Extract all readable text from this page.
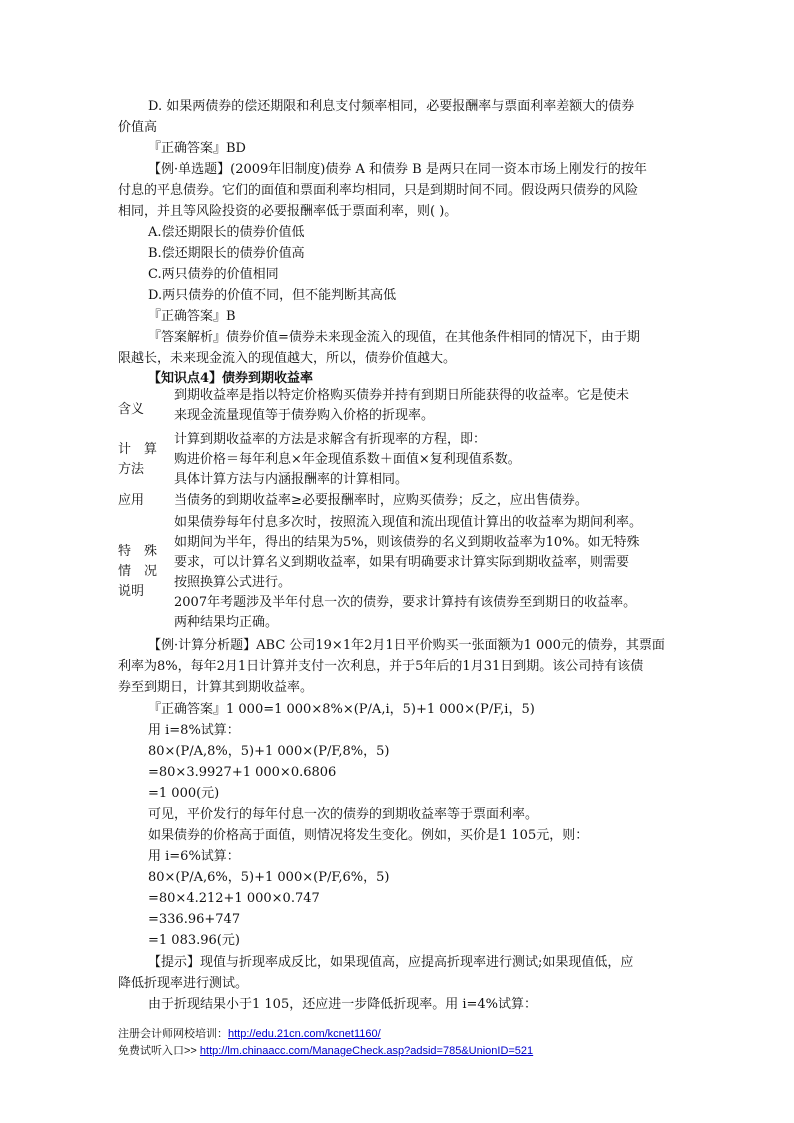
D. 如果两债券的偿还期限和利息支付频率相同，必要报酬率与票面利率差额大的债券
价值高
『正确答案』BD
【例·单选题】(2009年旧制度)债券 A 和债券 B 是两只在同一资本市场上刚发行的按年
付息的平息债券。它们的面值和票面利率均相同，只是到期时间不同。假设两只债券的风险
相同，并且等风险投资的必要报酬率低于票面利率，则( )。
A.偿还期限长的债券价值低
B.偿还期限长的债券价值高
C.两只债券的价值相同
D.两只债券的价值不同，但不能判断其高低
『正确答案』B
『答案解析』债券价值=债券未来现金流入的现值，在其他条件相同的情况下，由于期
限越长，未来现金流入的现值越大，所以，债券价值越大。
【知识点4】债券到期收益率
含义
到期收益率是指以特定价格购买债券并持有到期日所能获得的收益率。它是使未
来现金流量现值等于债券购入价格的折现率。
计　算
方法
计算到期收益率的方法是求解含有折现率的方程，即：
购进价格＝每年利息×年金现值系数＋面值×复利现值系数。
具体计算方法与内涵报酬率的计算相同。
应用	当债务的到期收益率≥必要报酬率时，应购买债券；反之，应出售债券。
特　殊
情　况
说明
如果债券每年付息多次时，按照流入现值和流出现值计算出的收益率为期间利率。
如期间为半年，得出的结果为5%，则该债券的名义到期收益率为10%。如无特殊
要求，可以计算名义到期收益率，如果有明确要求计算实际到期收益率，则需要
按照换算公式进行。
2007年考题涉及半年付息一次的债券，要求计算持有该债券至到期日的收益率。
两种结果均正确。
【例·计算分析题】ABC 公司19×1年2月1日平价购买一张面额为1 000元的债券，其票面
利率为8%，每年2月1日计算并支付一次利息，并于5年后的1月31日到期。该公司持有该债
券至到期日，计算其到期收益率。
『正确答案』1 000=1 000×8%×(P/A,i，5)+1 000×(P/F,i，5)
用 i=8%试算：
80×(P/A,8%，5)+1 000×(P/F,8%，5)
=80×3.9927+1 000×0.6806
=1 000(元)
可见，平价发行的每年付息一次的债券的到期收益率等于票面利率。
如果债券的价格高于面值，则情况将发生变化。例如，买价是1 105元，则：
用 i=6%试算：
80×(P/A,6%，5)+1 000×(P/F,6%，5)
=80×4.212+1 000×0.747
=336.96+747
=1 083.96(元)
【提示】现值与折现率成反比，如果现值高，应提高折现率进行测试;如果现值低，应
降低折现率进行测试。
由于折现结果小于1 105，还应进一步降低折现率。用 i=4%试算：
注册会计师网校培训：http://edu.21cn.com/kcnet1160/
免费试听入口>> http://lm.chinaacc.com/ManageCheck.asp?adsid=785&UnionID=521
